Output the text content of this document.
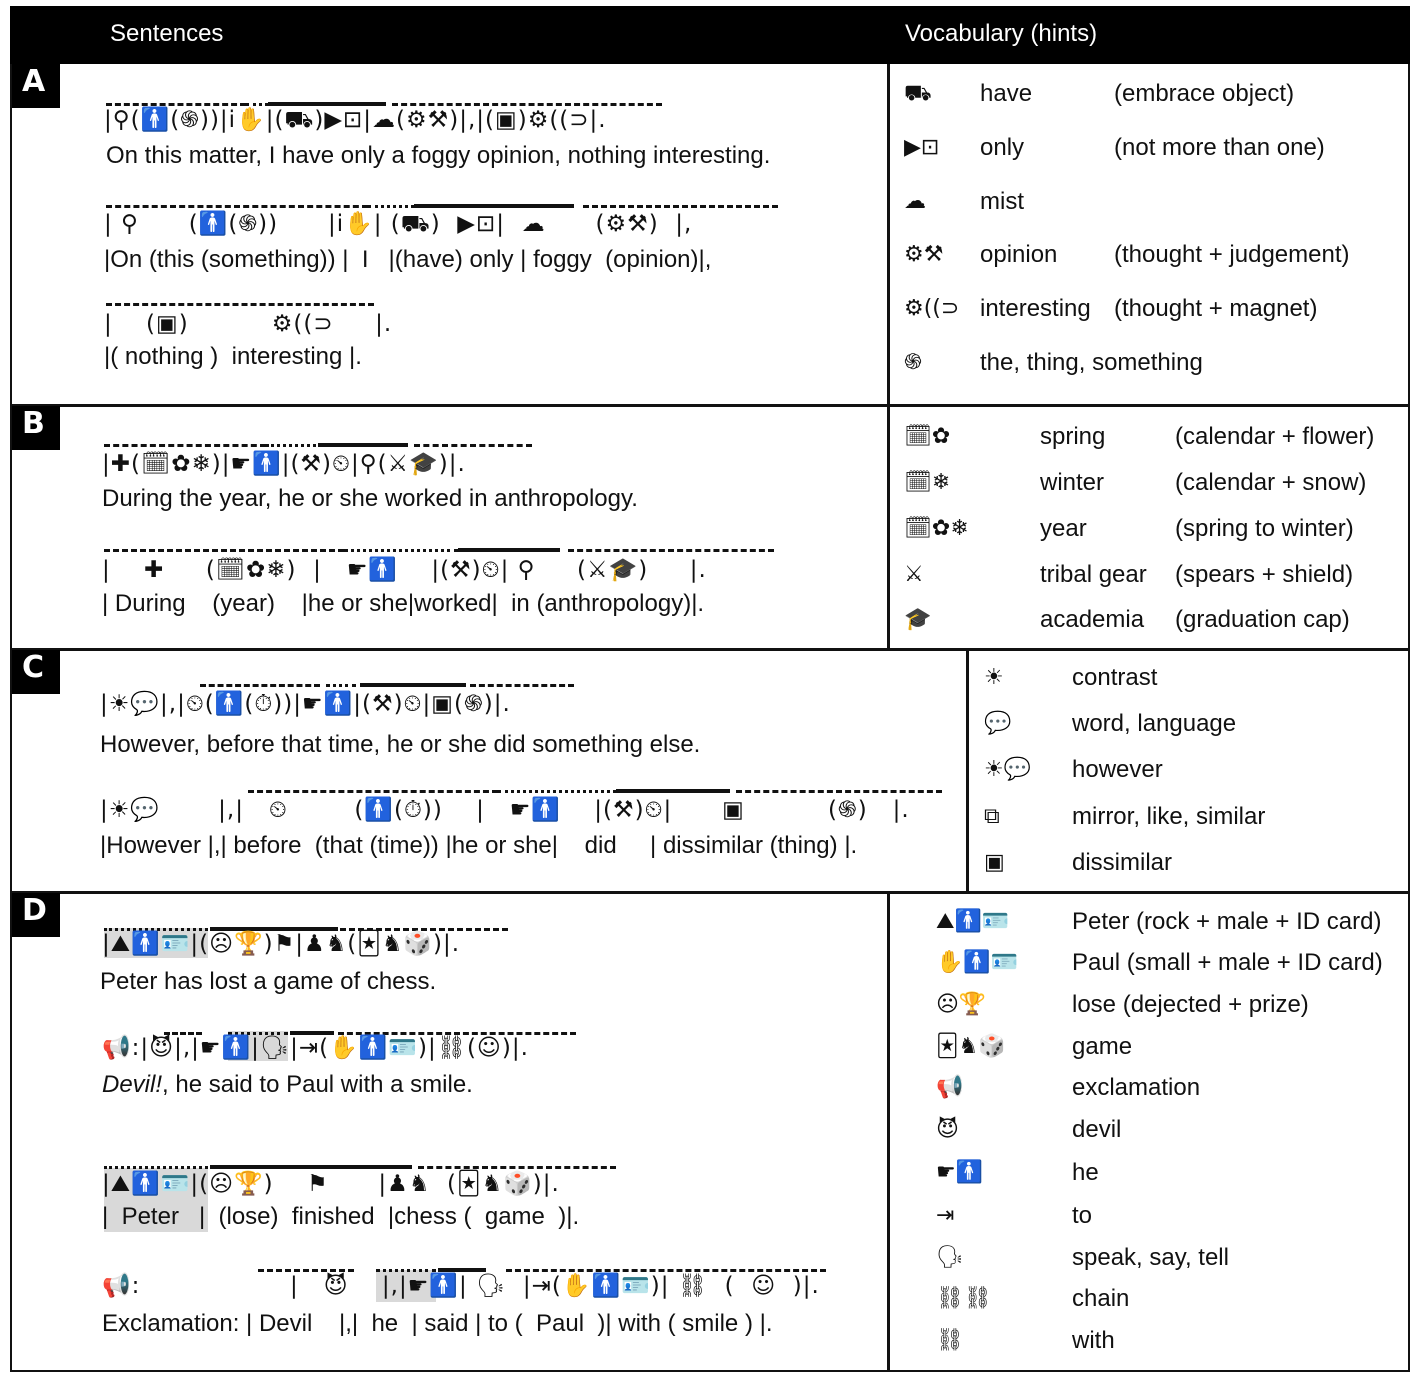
Sentences	Vocabulary (hints)
A
|⚲(🚹(֍))|i✋|(⛟)▶⊡|☁(⚙⚒)|,|(▣)⚙((⊃|.
On this matter, I have only a foggy opinion, nothing interesting.
| ⚲      (🚹(֍))      |i✋| (⛟)  ▶⊡|  ☁      (⚙⚒)  |,
|On (this (something)) |  I   |(have) only | foggy  (opinion)|,
|    (▣)          ⚙((⊃     |.
|( nothing )  interesting |.
⛟ have	(embrace object)
▶⊡ only	(not more than one)
☁ mist
⚙⚒ opinion (thought + judgement)
⚙((⊃ interesting (thought + magnet)
֍ the, thing, something
B
|✚(🗓✿❄)|☛🚹|(⚒)⏲|⚲(⚔🎓)|.
During the year, he or she worked in anthropology.
|    ✚     (🗓✿❄)  |   ☛🚹    |(⚒)⏲| ⚲     (⚔🎓)     |.
| During    (year)    |he or she|worked|  in (anthropology)|.
🗓✿	spring	(calendar + flower)
🗓❄	winter	(calendar + snow)
🗓✿❄	year	(spring to winter)
⚔	tribal gear (spears + shield)
🎓	academia (graduation cap)
C
|☀💬|,|⏲(🚹(⏱))|☛🚹|(⚒)⏲|▣(֍)|.
However, before that time, he or she did something else.
|☀💬       |,|   ⏲        (🚹(⏱))    |   ☛🚹    |(⚒)⏲|      ▣          (֍)   |.
|However |,| before  (that (time)) |he or she|    did     | dissimilar (thing) |.
☀	contrast
💬	word, language
☀💬 however
⧉	mirror, like, similar
▣	dissimilar
D
|⛰🚹🪪|(☹🏆)⚑|♟♞(🃏♞🎲)|.
Peter has lost a game of chess.
📢:|😈|,|☛🚹|🗣|⇥(✋🚹🪪)|⛓(☺)|.
Devil!, he said to Paul with a smile.
|⛰🚹🪪|(☹🏆)    ⚑      |♟♞  (🃏♞🎲)|.
|  Peter   |  (lose)  finished  |chess (  game  )|.
📢:                  |   😈    |,|☛🚹| 🗣  |⇥(✋🚹🪪)| ⛓  (  ☺  )|.
Exclamation: | Devil    |,|  he  | said | to (  Paul  )| with ( smile ) |.
⛰🚹🪪	Peter (rock + male + ID card)
✋🚹🪪 Paul (small + male + ID card)
☹🏆	lose (dejected + prize)
🃏♞🎲	game
📢	exclamation
😈	devil
☛🚹	he
⇥	to
🗣	speak, say, tell
⛓⛓	chain
⛓	with
